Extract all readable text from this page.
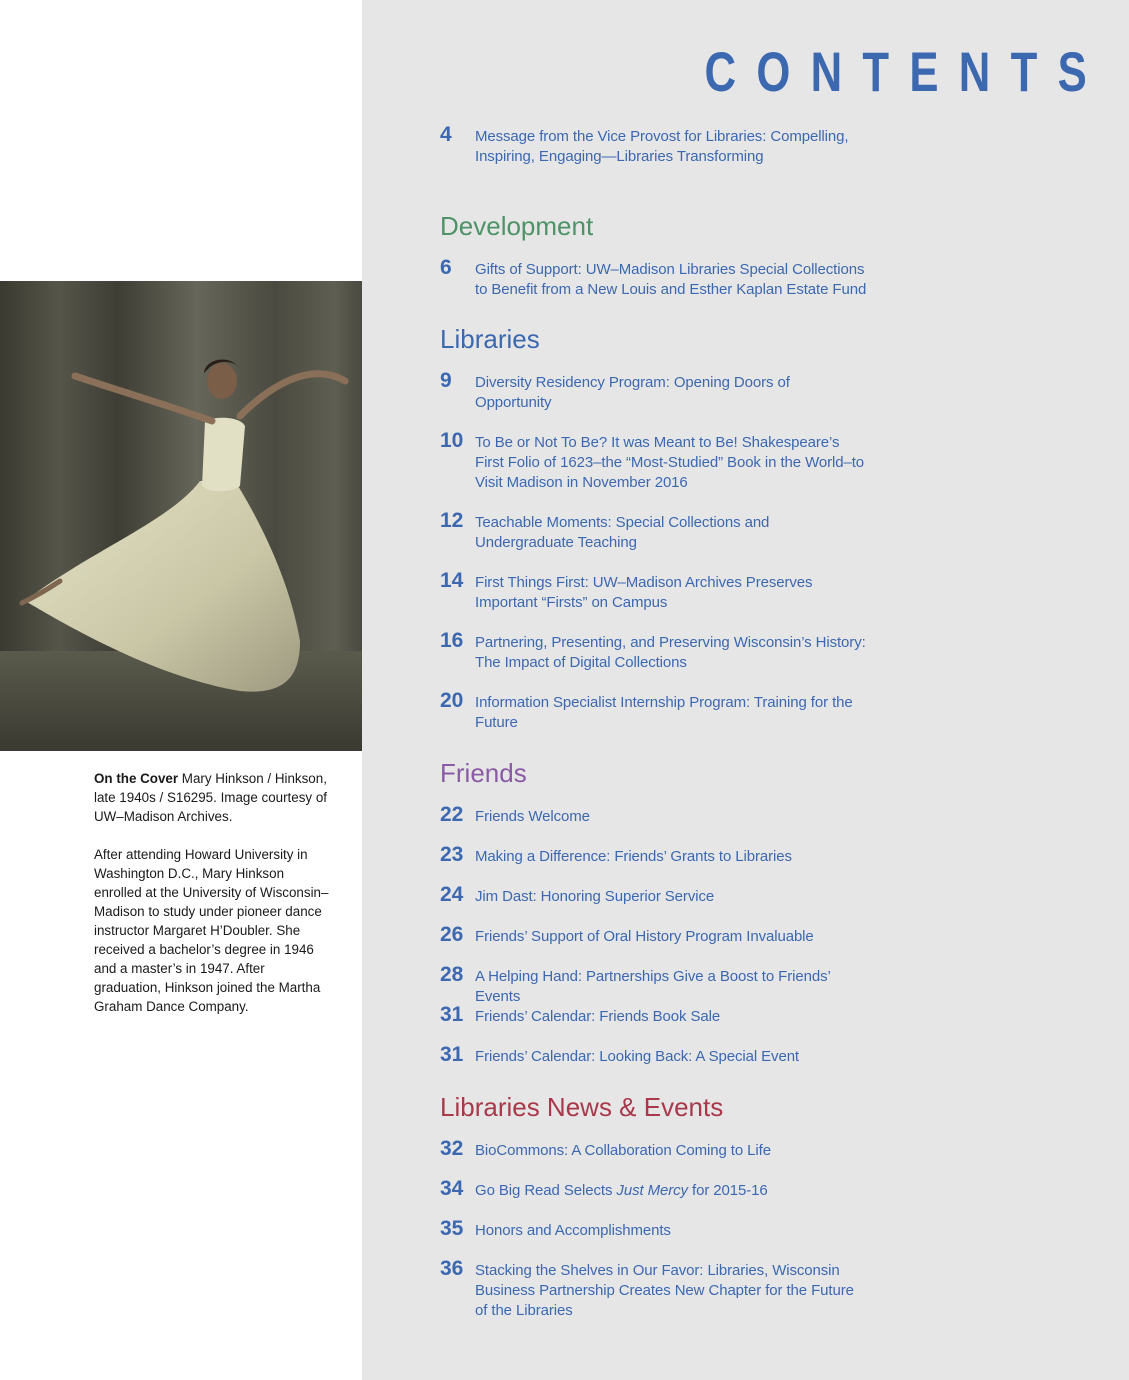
On the Cover Mary Hinkson / Hinkson, late 1940s / S16295. Image courtesy of UW–Madison Archives.

After attending Howard University in Washington D.C., Mary Hinkson enrolled at the University of Wisconsin–Madison to study under pioneer dance instructor Margaret H’Doubler. She received a bachelor’s degree in 1946 and a master’s in 1947. After graduation, Hinkson joined the Martha Graham Dance Company.

CONTENTS
4 Message from the Vice Provost for Libraries: Compelling, Inspiring, Engaging—Libraries Transforming
Development
6 Gifts of Support: UW–Madison Libraries Special Collections to Benefit from a New Louis and Esther Kaplan Estate Fund
Libraries
9 Diversity Residency Program: Opening Doors of Opportunity
10 To Be or Not To Be? It was Meant to Be! Shakespeare’s First Folio of 1623–the “Most-Studied” Book in the World–to Visit Madison in November 2016
12 Teachable Moments: Special Collections and Undergraduate Teaching
14 First Things First: UW–Madison Archives Preserves Important “Firsts” on Campus
16 Partnering, Presenting, and Preserving Wisconsin’s History: The Impact of Digital Collections
20 Information Specialist Internship Program: Training for the Future
Friends
22 Friends Welcome
23 Making a Difference: Friends’ Grants to Libraries
24 Jim Dast: Honoring Superior Service
26 Friends’ Support of Oral History Program Invaluable
28 A Helping Hand: Partnerships Give a Boost to Friends’ Events
31 Friends’ Calendar: Friends Book Sale
31 Friends’ Calendar: Looking Back: A Special Event
Libraries News & Events
32 BioCommons: A Collaboration Coming to Life
34 Go Big Read Selects Just Mercy for 2015-16
35 Honors and Accomplishments
36 Stacking the Shelves in Our Favor: Libraries, Wisconsin Business Partnership Creates New Chapter for the Future of the Libraries
